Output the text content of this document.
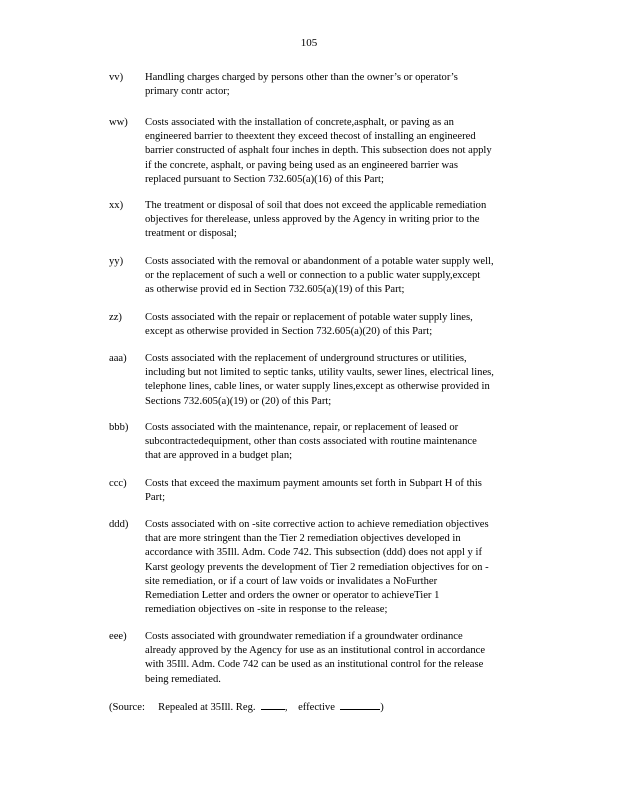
105
vv)	Handling charges charged by persons other than the owner’s or operator’s
primary contr actor;
ww)	Costs associated with the installation of concrete,asphalt, or paving as an
engineered barrier to theextent they exceed thecost of installing an engineered
barrier constructed of asphalt four inches in depth. This subsection does not apply
if the concrete, asphalt, or paving being used as an engineered barrier was
replaced pursuant to Section 732.605(a)(16) of this Part;
xx)	The treatment or disposal of soil that does not exceed the applicable remediation
objectives for therelease, unless approved by the Agency in writing prior to the
treatment or disposal;
yy)	Costs associated with the removal or abandonment of a potable water supply well,
or the replacement of such a well or connection to a public water supply,except
as otherwise provid ed in Section 732.605(a)(19) of this Part;
zz)	Costs associated with the repair or replacement of potable water supply lines,
except as otherwise provided in Section 732.605(a)(20) of this Part;
aaa)	Costs associated with the replacement of underground structures or utilities,
including but not limited to septic tanks, utility vaults, sewer lines, electrical lines,
telephone lines, cable lines, or water supply lines,except as otherwise provided in
Sections 732.605(a)(19) or (20) of this Part;
bbb)	Costs associated with the maintenance, repair, or replacement of leased or
subcontractedequipment, other than costs associated with routine maintenance
that are approved in a budget plan;
ccc)	Costs that exceed the maximum payment amounts set forth in Subpart H of this
Part;
ddd)	Costs associated with on -site corrective action to achieve remediation objectives
that are more stringent than the Tier 2 remediation objectives developed in
accordance with 35Ill. Adm. Code 742. This subsection (ddd) does not appl y if
Karst geology prevents the development of Tier 2 remediation objectives for on -
site remediation, or if a court of law voids or invalidates a NoFurther
Remediation Letter and orders the owner or operator to achieveTier 1
remediation objectives on -site in response to the release;
eee)	Costs associated with groundwater remediation if a groundwater ordinance
already approved by the Agency for use as an institutional control in accordance
with 35Ill. Adm. Code 742 can be used as an institutional control for the release
being remediated.
(Source: Repealed at 35Ill. Reg.	,    effective	)
